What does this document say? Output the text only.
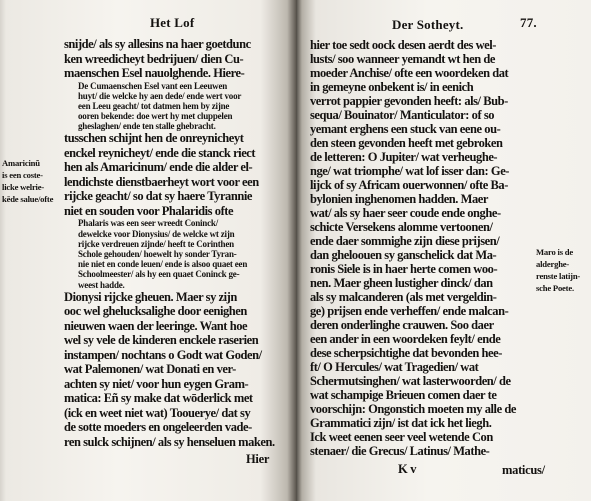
Het Lof
Amaricinũ
is een coste-
licke welrie-
kēde salue/ofte
snijde/ als sy allesins na haer goetdunc
ken wreedicheyt bedrijuen/ dien Cu-
maenschen Esel nauolghende. Hiere-
De Cumaenschen Esel vant een Leeuwen
huyt/ die welcke hy aen dede/ ende wert voor
een Leeu geacht/ tot datmen hem by zijne
ooren bekende: doe wert hy met cluppelen
gheslaghen/ ende ten stalle ghebracht.
tusschen schijnt hen de onreynicheyt
enckel reynicheyt/ ende die stanck riect
hen als Amaricinum/ ende die alder el-
lendichste dienstbaerheyt wort voor een
rijcke geacht/ so dat sy haere Tyrannie
niet en souden voor Phalaridis ofte
Phalaris was een seer wreedt Coninck/
dewelcke voor Dionysius/ de welcke wt zijn
rijcke verdreuen zijnde/ heeft te Corinthen
Schole gehouden/ hoewelt hy sonder Tyran-
nie niet en conde leuen/ ende is alsoo quaet een
Schoolmeester/ als hy een quaet Coninck ge-
weest hadde.
Dionysi rijcke gheuen. Maer sy zijn
ooc wel ghelucksalighe door eenighen
nieuwen waen der leeringe. Want hoe
wel sy vele de kinderen enckele raserien
instampen/ nochtans o Godt wat Goden/
wat Palemonen/ wat Donati en ver-
achten sy niet/ voor hun eygen Gram-
matica: Eñ sy make dat wōderlick met
(ick en weet niet wat) Toouerye/ dat sy
de sotte moeders en ongeleerden vade-
ren sulck schijnen/ als sy henseluen maken.
Hier
Der Sotheyt.	77.
hier toe sedt oock desen aerdt des wel-
lusts/ soo wanneer yemandt wt hen de
moeder Anchise/ ofte een woordeken dat
in gemeyne onbekent is/ in eenich
verrot pappier gevonden heeft: als/ Bub-
sequa/ Bouinator/ Manticulator: of so
yemant erghens een stuck van eene ou-
den steen gevonden heeft met gebroken
de letteren: O Jupiter/ wat verheughe-
nge/ wat triomphe/ wat lof isser dan: Ge-
lijck of sy Africam ouerwonnen/ ofte Ba-
bylonien inghenomen hadden. Maer
wat/ als sy haer seer coude ende onghe-
schicte Versekens alomme vertoonen/
ende daer sommighe zijn diese prijsen/
dan gheloouen sy ganschelick dat Ma-
ronis Siele is in haer herte comen woo-
nen. Maer gheen lustigher dinck/ dan
als sy malcanderen (als met vergeldin-
ge) prijsen ende verheffen/ ende malcan-
deren onderlinghe crauwen. Soo daer
een ander in een woordeken feylt/ ende
dese scherpsichtighe dat bevonden hee-
ft/ O Hercules/ wat Tragedien/ wat
Schermutsinghen/ wat lasterwoorden/ de
wat schampige Brieuen comen daer te
voorschijn: Ongonstich moeten my alle de
Grammatici zijn/ ist dat ick het liegh.
Ick weet eenen seer veel wetende Con
stenaer/ die Grecus/ Latinus/ Mathe-
Maro is de
alderghe-
renste latijn-
sche Poete.
K v	maticus/
